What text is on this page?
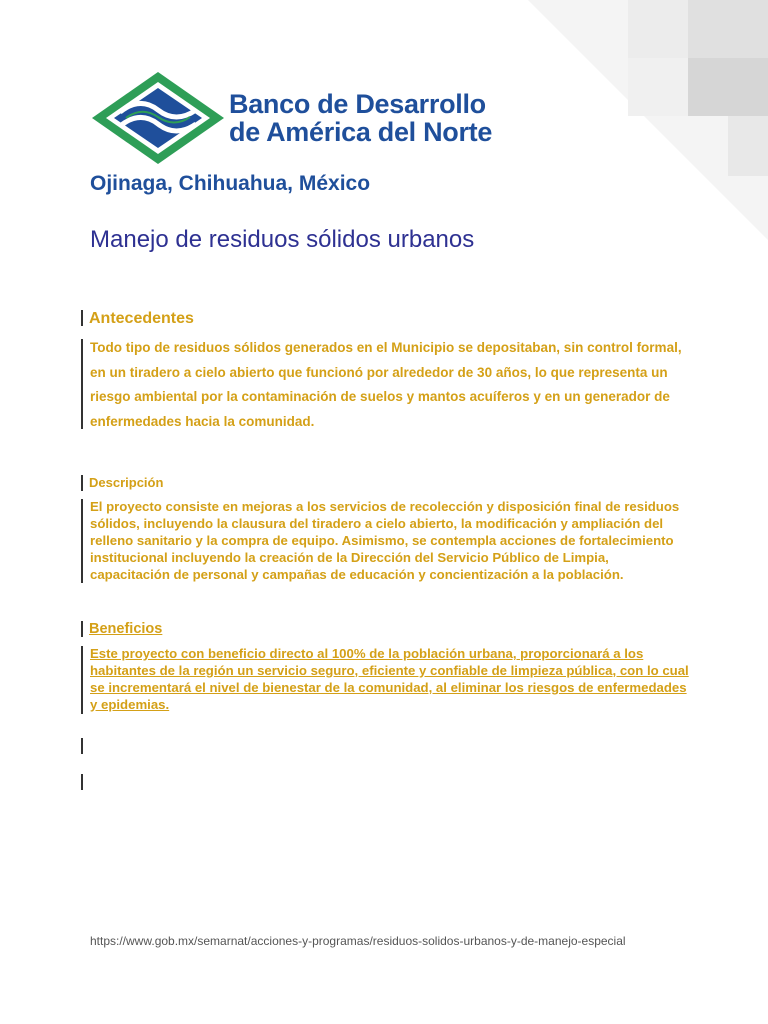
Banco de Desarrollo
de América del Norte
Ojinaga, Chihuahua, México
Manejo de residuos sólidos urbanos
Antecedentes
Todo tipo de residuos sólidos generados en el Municipio se depositaban, sin control formal, en un tiradero a cielo abierto que funcionó por alrededor de 30 años, lo que representa un riesgo ambiental por la contaminación de suelos y mantos acuíferos y en un generador de enfermedades hacia la comunidad.
Descripción
El proyecto consiste en mejoras a los servicios de recolección y disposición final de residuos sólidos, incluyendo la clausura del tiradero a cielo abierto, la modificación y ampliación del relleno sanitario y la compra de equipo. Asimismo, se contempla acciones de fortalecimiento institucional incluyendo la creación de la Dirección del Servicio Público de Limpia, capacitación de personal y campañas de educación y concientización a la población.
Beneficios
Este proyecto con beneficio directo al 100% de la población urbana, proporcionará a los habitantes de la región un servicio seguro, eficiente y confiable de limpieza pública, con lo cual se incrementará el nivel de bienestar de la comunidad, al eliminar los riesgos de enfermedades y epidemias.
https://www.gob.mx/semarnat/acciones-y-programas/residuos-solidos-urbanos-y-de-manejo-especial
